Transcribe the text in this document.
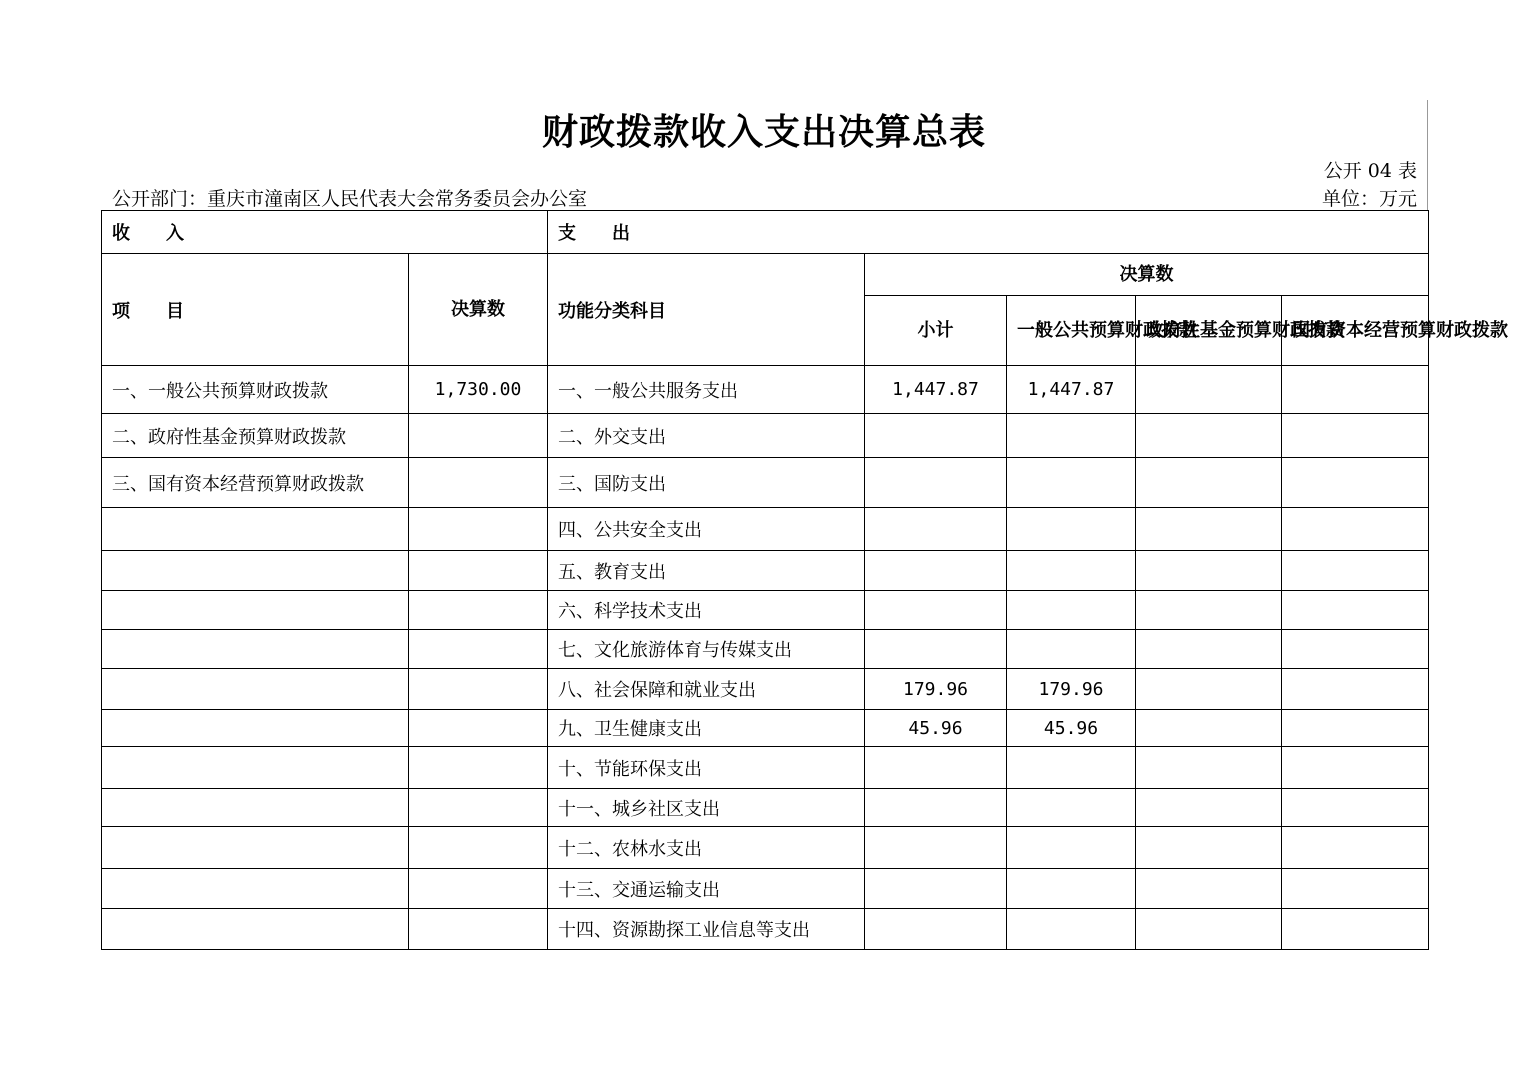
财政拨款收入支出决算总表
公开 04 表
公开部门：重庆市潼南区人民代表大会常务委员会办公室	单位：万元
收　　入		支　　出				
项　　目	决算数	功能分类科目	决算数			
			小计	一般公共预算财政拨款	政府性基金预算财政拨款	国有资本经营预算财政拨款
一、一般公共预算财政拨款	1,730.00	一、一般公共服务支出	1,447.87	1,447.87		
二、政府性基金预算财政拨款		二、外交支出				
三、国有资本经营预算财政拨款		三、国防支出				
		四、公共安全支出				
		五、教育支出				
		六、科学技术支出				
		七、文化旅游体育与传媒支出				
		八、社会保障和就业支出	179.96	179.96		
		九、卫生健康支出	45.96	45.96		
		十、节能环保支出				
		十一、城乡社区支出				
		十二、农林水支出				
		十三、交通运输支出				
		十四、资源勘探工业信息等支出				
